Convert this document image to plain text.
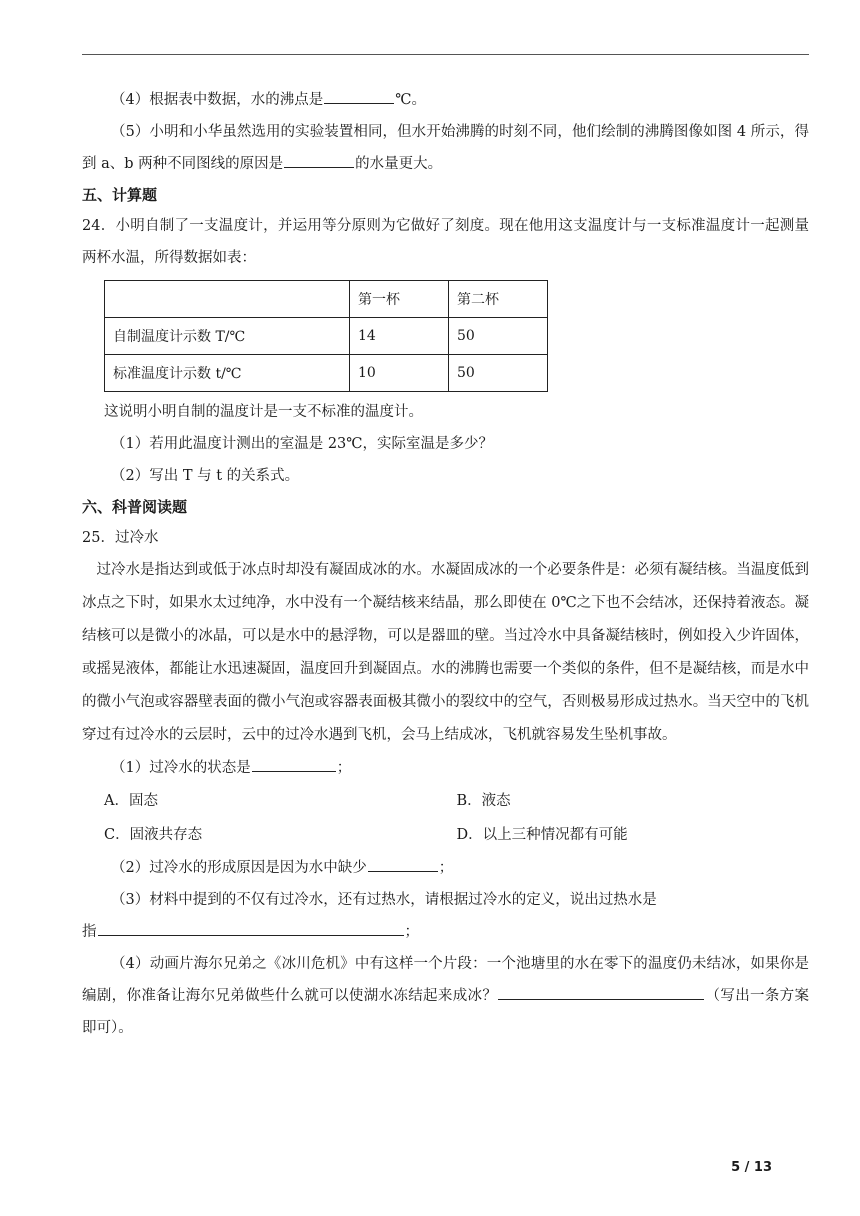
（4）根据表中数据，水的沸点是	℃。

（5）小明和小华虽然选用的实验装置相同，但水开始沸腾的时刻不同，他们绘制的沸腾图像如图 4 所示，得到 a、b 两种不同图线的原因是	的水量更大。

五、计算题

24．小明自制了一支温度计，并运用等分原则为它做好了刻度。现在他用这支温度计与一支标准温度计一起测量两杯水温，所得数据如表：

	第一杯	第二杯
自制温度计示数 T/℃	14	50
标准温度计示数 t/℃	10	50

这说明小明自制的温度计是一支不标准的温度计。

（1）若用此温度计测出的室温是 23℃，实际室温是多少？

（2）写出 T 与 t 的关系式。

六、科普阅读题

25．过冷水

过冷水是指达到或低于冰点时却没有凝固成冰的水。水凝固成冰的一个必要条件是：必须有凝结核。当温度低到冰点之下时，如果水太过纯净，水中没有一个凝结核来结晶，那么即使在 0℃之下也不会结冰，还保持着液态。凝结核可以是微小的冰晶，可以是水中的悬浮物，可以是器皿的壁。当过冷水中具备凝结核时，例如投入少许固体，或摇晃液体，都能让水迅速凝固，温度回升到凝固点。水的沸腾也需要一个类似的条件，但不是凝结核，而是水中的微小气泡或容器壁表面的微小气泡或容器表面极其微小的裂纹中的空气，否则极易形成过热水。当天空中的飞机穿过有过冷水的云层时，云中的过冷水遇到飞机，会马上结成冰，飞机就容易发生坠机事故。

（1）过冷水的状态是	；

A．固态	B．液态
C．固液共存态	D．以上三种情况都有可能

（2）过冷水的形成原因是因为水中缺少	；

（3）材料中提到的不仅有过冷水，还有过热水，请根据过冷水的定义，说出过热水是

指	；

（4）动画片海尔兄弟之《冰川危机》中有这样一个片段：一个池塘里的水在零下的温度仍未结冰，如果你是编剧，你准备让海尔兄弟做些什么就可以使湖水冻结起来成冰？	（写出一条方案即可）。

5 / 13
